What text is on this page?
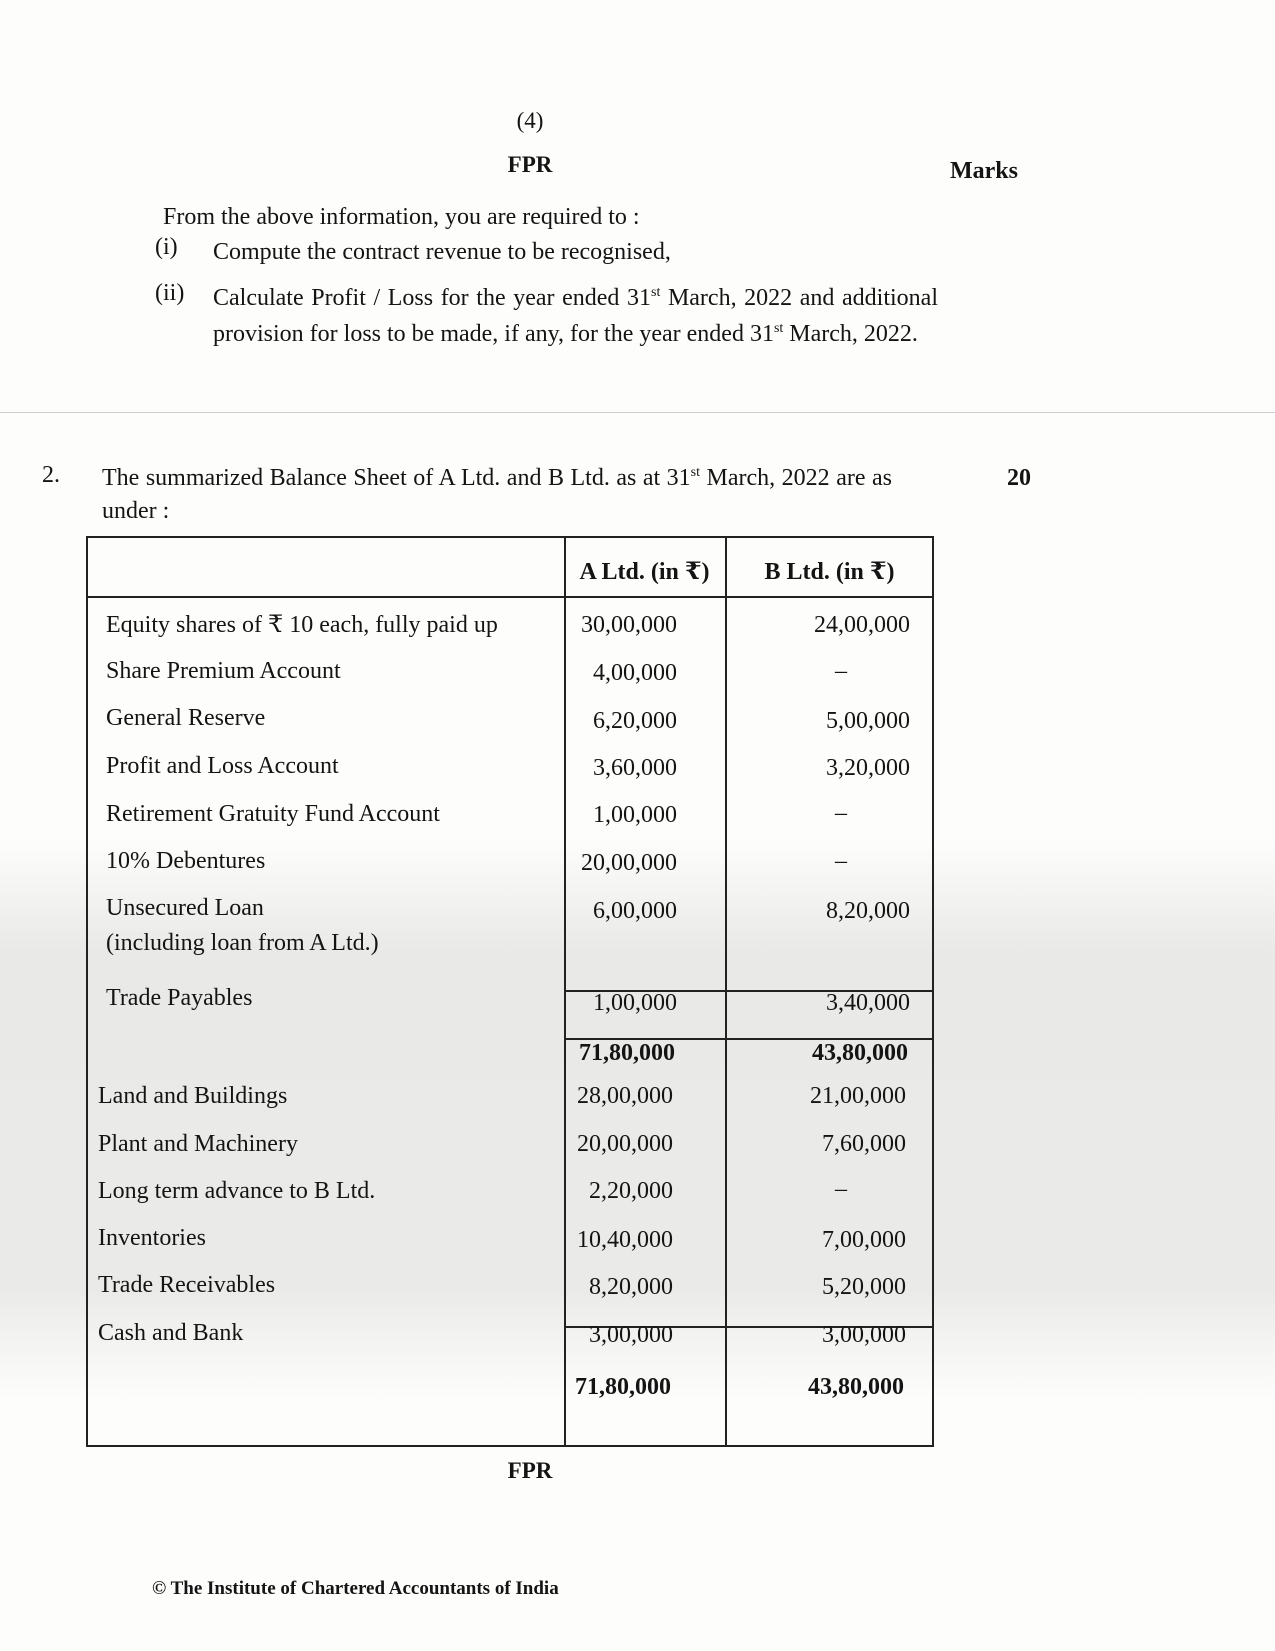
(4)
FPR	Marks
From the above information, you are required to :
(i)	Compute the contract revenue to be recognised,
(ii)	Calculate Profit / Loss for the year ended 31st March, 2022 and additional provision for loss to be made, if any, for the year ended 31st March, 2022.
2. The summarized Balance Sheet of A Ltd. and B Ltd. as at 31st March, 2022 are as under :
20
A Ltd. (in ₹)	B Ltd. (in ₹)
Equity shares of ₹ 10 each, fully paid up	30,00,000	24,00,000
Share Premium Account	4,00,000	–
General Reserve	6,20,000	5,00,000
Profit and Loss Account	3,60,000	3,20,000
Retirement Gratuity Fund Account	1,00,000	–
10% Debentures	20,00,000	–
Unsecured Loan
(including loan from A Ltd.)
6,00,000	8,20,000
Trade Payables	1,00,000	3,40,000
71,80,000	43,80,000
Land and Buildings	28,00,000	21,00,000
Plant and Machinery	20,00,000	7,60,000
Long term advance to B Ltd.	2,20,000	–
Inventories	10,40,000	7,00,000
Trade Receivables	8,20,000	5,20,000
Cash and Bank	3,00,000	3,00,000
71,80,000	43,80,000
FPR
© The Institute of Chartered Accountants of India
